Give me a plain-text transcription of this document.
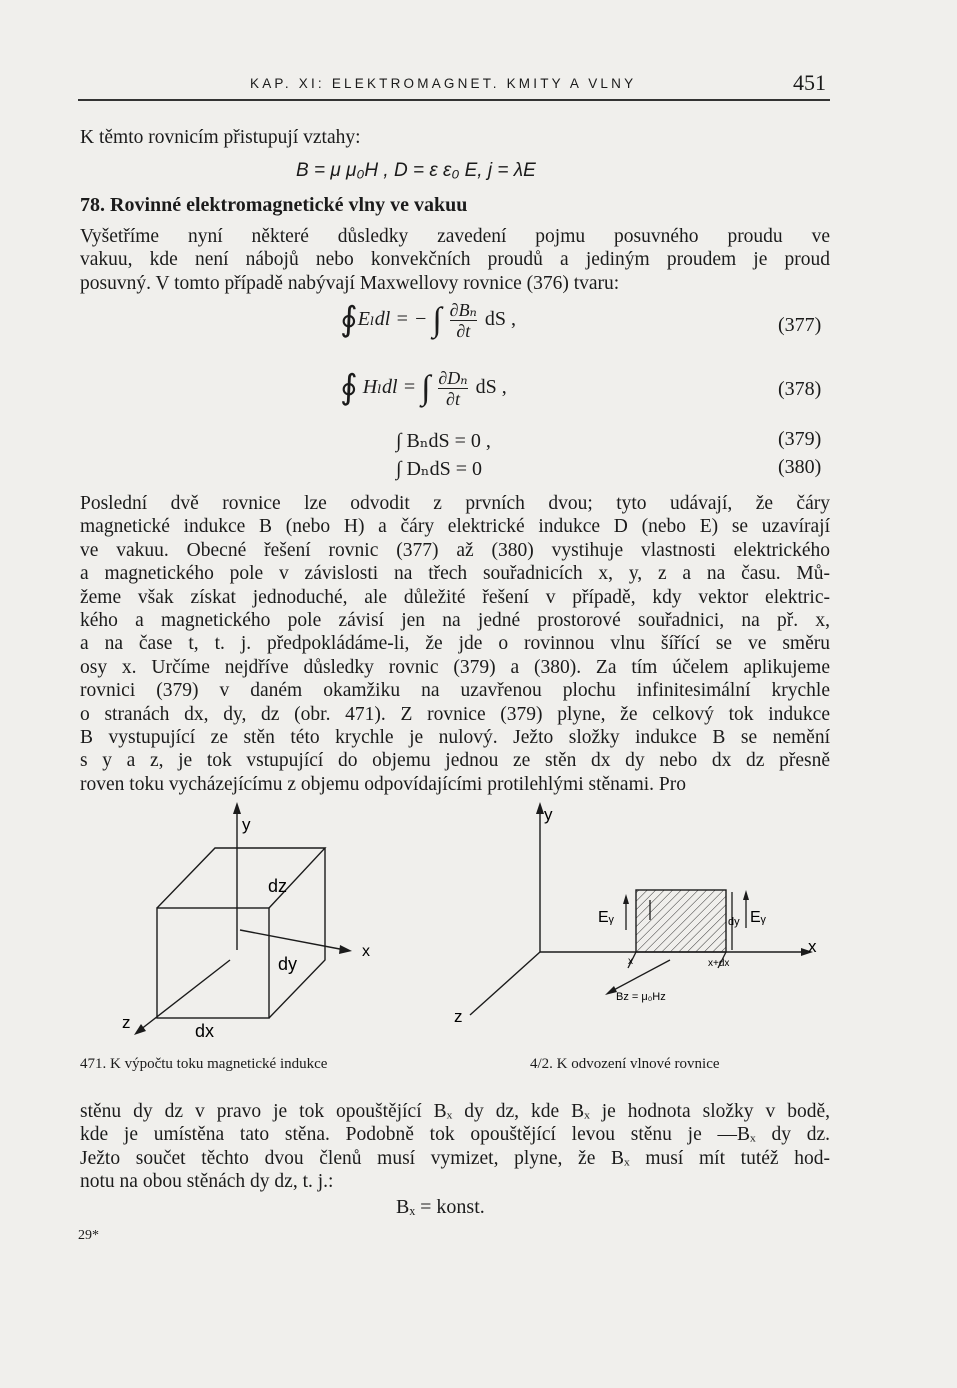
KAP. XI: ELEKTROMAGNET. KMITY A VLNY	451
K těmto rovnicím přistupují vztahy:
B = μ μ₀H , D = ε ε₀ E, j = λE
78. Rovinné elektromagnetické vlny ve vakuu
Vyšetříme nyní některé důsledky zavedení pojmu posuvného proudu ve
vakuu, kde není nábojů nebo konvekčních proudů a jediným proudem je proud
posuvný. V tomto případě nabývají Maxwellovy rovnice (376) tvaru:
∮Eₗdl = − ∫ $\frac{\text{∂Bₙ}}{\partial t}$ dS ,	(377)
∮ Hₗdl = ∫ $\frac{\text{∂Dₙ}}{\partial t}$ dS ,	(378)
∫ BₙdS = 0 ,	(379)
∫ DₙdS = 0	(380)
Poslední dvě rovnice lze odvodit z prvních dvou; tyto udávají, že čáry
magnetické indukce B (nebo H) a čáry elektrické indukce D (nebo E) se uzavírají
ve vakuu. Obecné řešení rovnic (377) až (380) vystihuje vlastnosti elektrického
a magnetického pole v závislosti na třech souřadnicích x, y, z a na času. Mů-
žeme však získat jednoduché, ale důležité řešení v případě, kdy vektor elektric-
kého a magnetického pole závisí jen na jedné prostorové souřadnici, na př. x,
a na čase t, t. j. předpokládáme-li, že jde o rovinnou vlnu šířící se ve směru
osy x. Určíme nejdříve důsledky rovnic (379) a (380). Za tím účelem aplikujeme
rovnici (379) v daném okamžiku na uzavřenou plochu infinitesimální krychle
o stranách dx, dy, dz (obr. 471). Z rovnice (379) plyne, že celkový tok indukce
B vystupující ze stěn této krychle je nulový. Ježto složky indukce B se nemění
s y a z, je tok vstupující do objemu jednou ze stěn dx dy nebo dx dz přesně
roven toku vycházejícímu z objemu odpovídajícími protilehlými stěnami. Pro
y
dz
dy
x
z	dx
471. K výpočtu toku magnetické indukce
y
Eᵧ	dy Eᵧ
x
x	x+dx
Bz = μ₀Hz
z
4/2. K odvození vlnové rovnice
stěnu dy dz v pravo je tok opouštějící Bₓ dy dz, kde Bₓ je hodnota složky v bodě,
kde je umístěna tato stěna. Podobně tok opouštějící levou stěnu je —Bₓ dy dz.
Ježto součet těchto dvou členů musí vymizet, plyne, že Bₓ musí mít tutéž hod-
notu na obou stěnách dy dz, t. j.:
Bₓ = konst.
29*
